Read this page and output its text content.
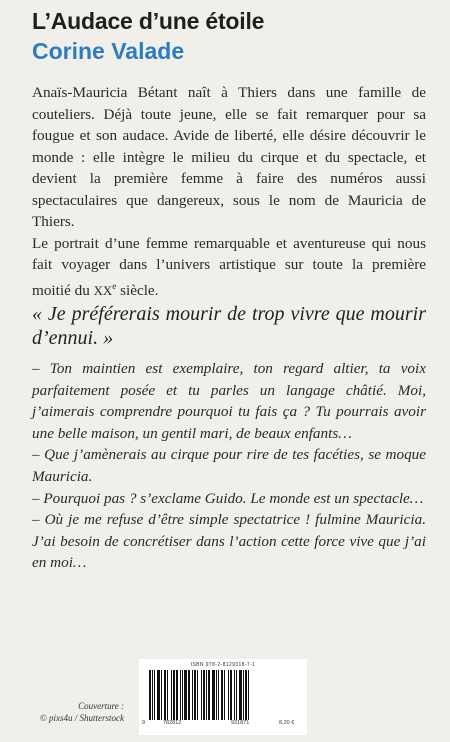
L’Audace d’une étoile
Corine Valade

Anaïs-Mauricia Bétant naît à Thiers dans une famille de couteliers. Déjà toute jeune, elle se fait remarquer pour sa fougue et son audace. Avide de liberté, elle désire découvrir le monde : elle intègre le milieu du cirque et du spectacle, et devient la première femme à faire des numéros aussi spectaculaires que dangereux, sous le nom de Mauricia de Thiers.

Le portrait d’une femme remarquable et aventureuse qui nous fait voyager dans l’univers artistique sur toute la première moitié du XXe siècle.

« Je préférerais mourir de trop vivre que mourir d’ennui. »

– Ton maintien est exemplaire, ton regard altier, ta voix parfaitement posée et tu parles un langage châtié. Moi, j’aimerais comprendre pourquoi tu fais ça ? Tu pourrais avoir une belle maison, un gentil mari, de beaux enfants…

– Que j’amènerais au cirque pour rire de tes facéties, se moque Mauricia.

– Pourquoi pas ? s’exclame Guido. Le monde est un spectacle…

– Où je me refuse d’être simple spectatrice ! fulmine Mauricia. J’ai besoin de concrétiser dans l’action cette force vive que j’ai en moi…

ISBN 978-2-8129318-7-1
9	782812	931871	8,20 €
Couverture :
© pixs4u / Shutterstock
